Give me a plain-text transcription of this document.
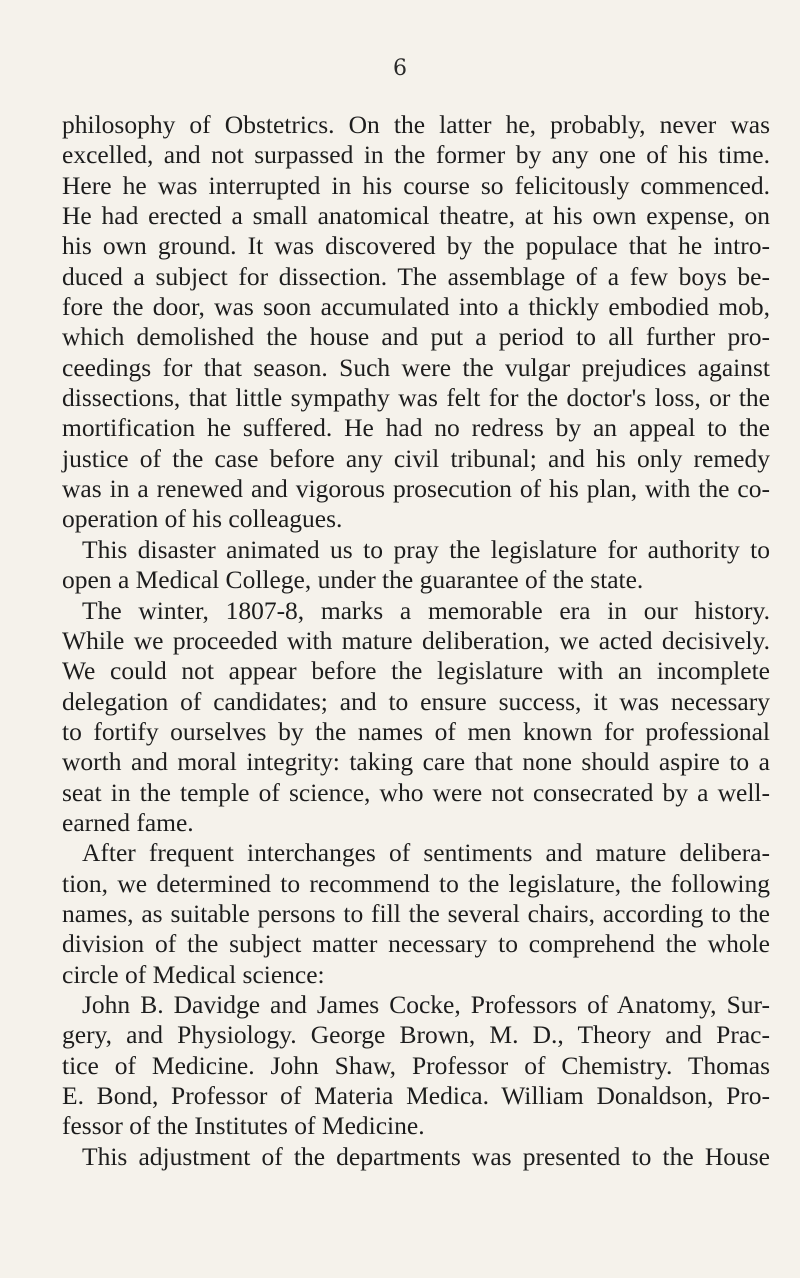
6
philosophy of Obstetrics. On the latter he, probably, never was
excelled, and not surpassed in the former by any one of his time.
Here he was interrupted in his course so felicitously commenced.
He had erected a small anatomical theatre, at his own expense, on
his own ground. It was discovered by the populace that he intro-
duced a subject for dissection. The assemblage of a few boys be-
fore the door, was soon accumulated into a thickly embodied mob,
which demolished the house and put a period to all further pro-
ceedings for that season. Such were the vulgar prejudices against
dissections, that little sympathy was felt for the doctor's loss, or the
mortification he suffered. He had no redress by an appeal to the
justice of the case before any civil tribunal; and his only remedy
was in a renewed and vigorous prosecution of his plan, with the co-
operation of his colleagues.
This disaster animated us to pray the legislature for authority to
open a Medical College, under the guarantee of the state.
The winter, 1807-8, marks a memorable era in our history.
While we proceeded with mature deliberation, we acted decisively.
We could not appear before the legislature with an incomplete
delegation of candidates; and to ensure success, it was necessary
to fortify ourselves by the names of men known for professional
worth and moral integrity: taking care that none should aspire to a
seat in the temple of science, who were not consecrated by a well-
earned fame.
After frequent interchanges of sentiments and mature delibera-
tion, we determined to recommend to the legislature, the following
names, as suitable persons to fill the several chairs, according to the
division of the subject matter necessary to comprehend the whole
circle of Medical science:
John B. Davidge and James Cocke, Professors of Anatomy, Sur-
gery, and Physiology. George Brown, M. D., Theory and Prac-
tice of Medicine. John Shaw, Professor of Chemistry. Thomas
E. Bond, Professor of Materia Medica. William Donaldson, Pro-
fessor of the Institutes of Medicine.
This adjustment of the departments was presented to the House
